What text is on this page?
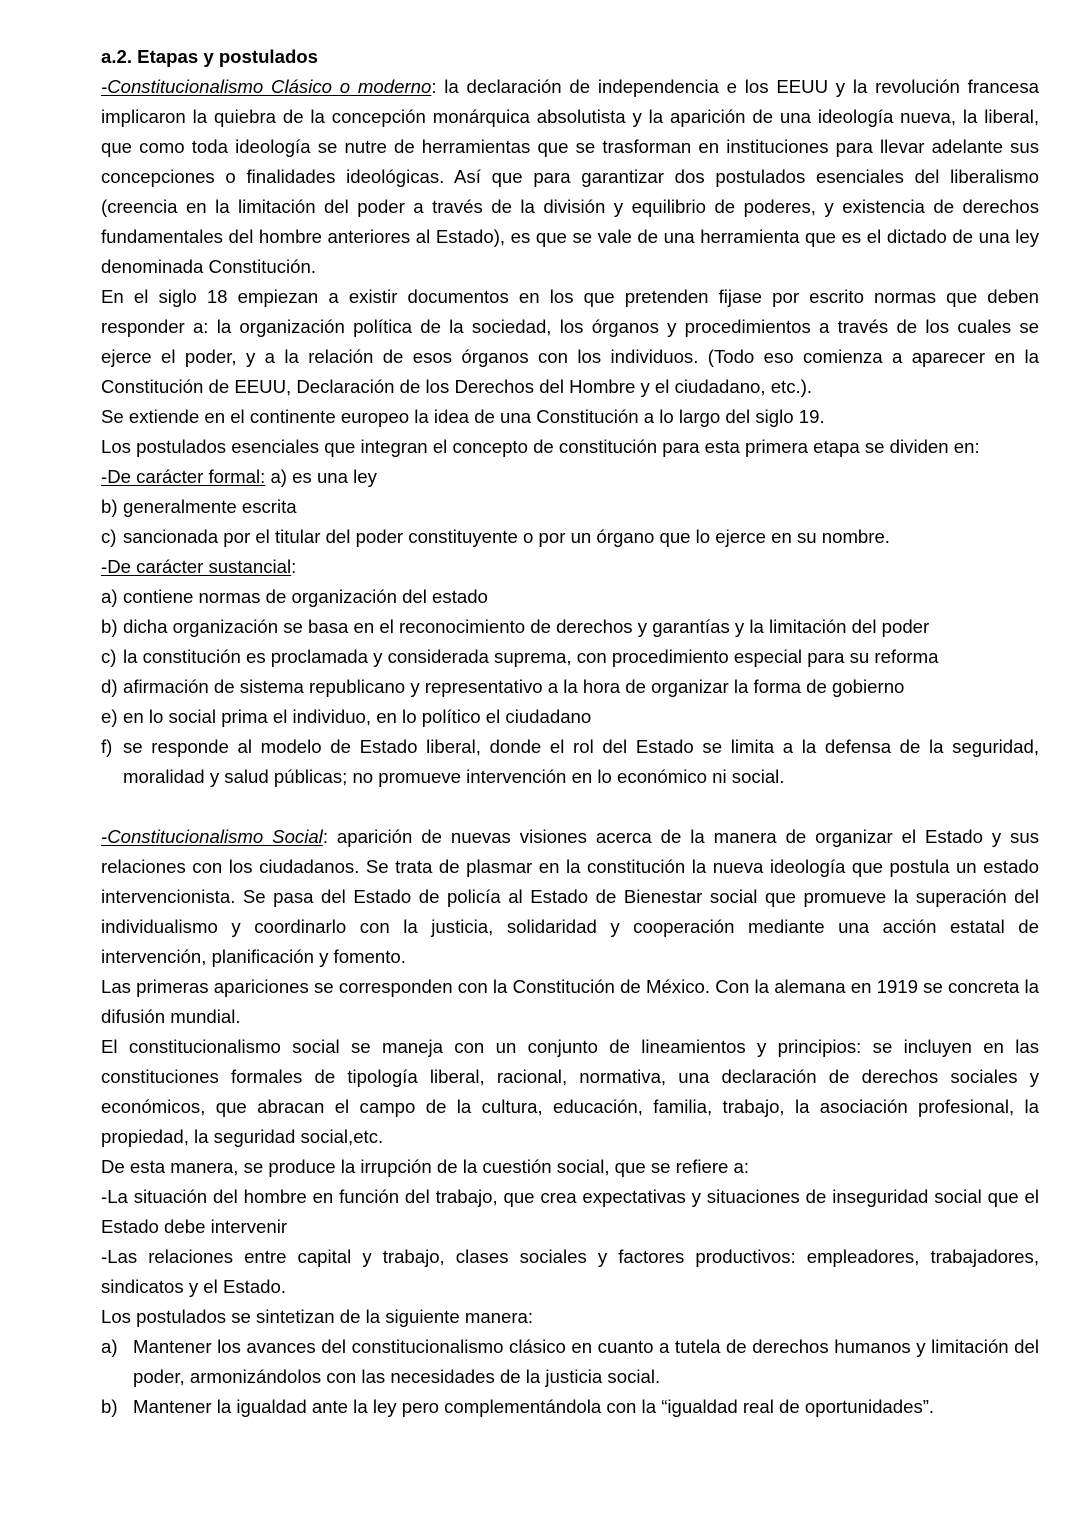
a.2. Etapas y postulados

-Constitucionalismo Clásico o moderno: la declaración de independencia e los EEUU y la revolución francesa implicaron la quiebra de la concepción monárquica absolutista y la aparición de una ideología nueva, la liberal, que como toda ideología se nutre de herramientas que se trasforman en instituciones para llevar adelante sus concepciones o finalidades ideológicas. Así que para garantizar dos postulados esenciales del liberalismo (creencia en la limitación del poder a través de la división y equilibrio de poderes, y existencia de derechos fundamentales del hombre anteriores al Estado), es que se vale de una herramienta que es el dictado de una ley denominada Constitución.

En el siglo 18 empiezan a existir documentos en los que pretenden fijase por escrito normas que deben responder a: la organización política de la sociedad, los órganos y procedimientos a través de los cuales se ejerce el poder, y a la relación de esos órganos con los individuos. (Todo eso comienza a aparecer en la Constitución de EEUU, Declaración de los Derechos del Hombre y el ciudadano, etc.).

Se extiende en el continente europeo la idea de una Constitución a lo largo del siglo 19.

Los postulados esenciales que integran el concepto de constitución para esta primera etapa se dividen en:

-De carácter formal: a) es una ley

b) generalmente escrita
c) sancionada por el titular del poder constituyente o por un órgano que lo ejerce en su nombre.

-De carácter sustancial:

a) contiene normas de organización del estado
b) dicha organización se basa en el reconocimiento de derechos y garantías y la limitación del poder
c) la constitución es proclamada y considerada suprema, con procedimiento especial para su reforma
d) afirmación de sistema republicano y representativo a la hora de organizar la forma de gobierno
e) en lo social prima el individuo, en lo político el ciudadano
f) se responde al modelo de Estado liberal, donde el rol del Estado se limita a la defensa de la seguridad, moralidad y salud públicas; no promueve intervención en lo económico ni social.

-Constitucionalismo Social: aparición de nuevas visiones acerca de la manera de organizar el Estado y sus relaciones con los ciudadanos. Se trata de plasmar en la constitución la nueva ideología que postula un estado intervencionista. Se pasa del Estado de policía al Estado de Bienestar social que promueve la superación del individualismo y coordinarlo con la justicia, solidaridad y cooperación mediante una acción estatal de intervención, planificación y fomento.

Las primeras apariciones se corresponden con la Constitución de México. Con la alemana en 1919 se concreta la difusión mundial.

El constitucionalismo social se maneja con un conjunto de lineamientos y principios: se incluyen en las constituciones formales de tipología liberal, racional, normativa, una declaración de derechos sociales y económicos, que abracan el campo de la cultura, educación, familia, trabajo, la asociación profesional, la propiedad, la seguridad social,etc.

De esta manera, se produce la irrupción de la cuestión social, que se refiere a:

-La situación del hombre en función del trabajo, que crea expectativas y situaciones de inseguridad social que el Estado debe intervenir

-Las relaciones entre capital y trabajo, clases sociales y factores productivos: empleadores, trabajadores, sindicatos y el Estado.

Los postulados se sintetizan de la siguiente manera:

a) Mantener los avances del constitucionalismo clásico en cuanto a tutela de derechos humanos y limitación del poder, armonizándolos con las necesidades de la justicia social.
b) Mantener la igualdad ante la ley pero complementándola con la “igualdad real de oportunidades”.
